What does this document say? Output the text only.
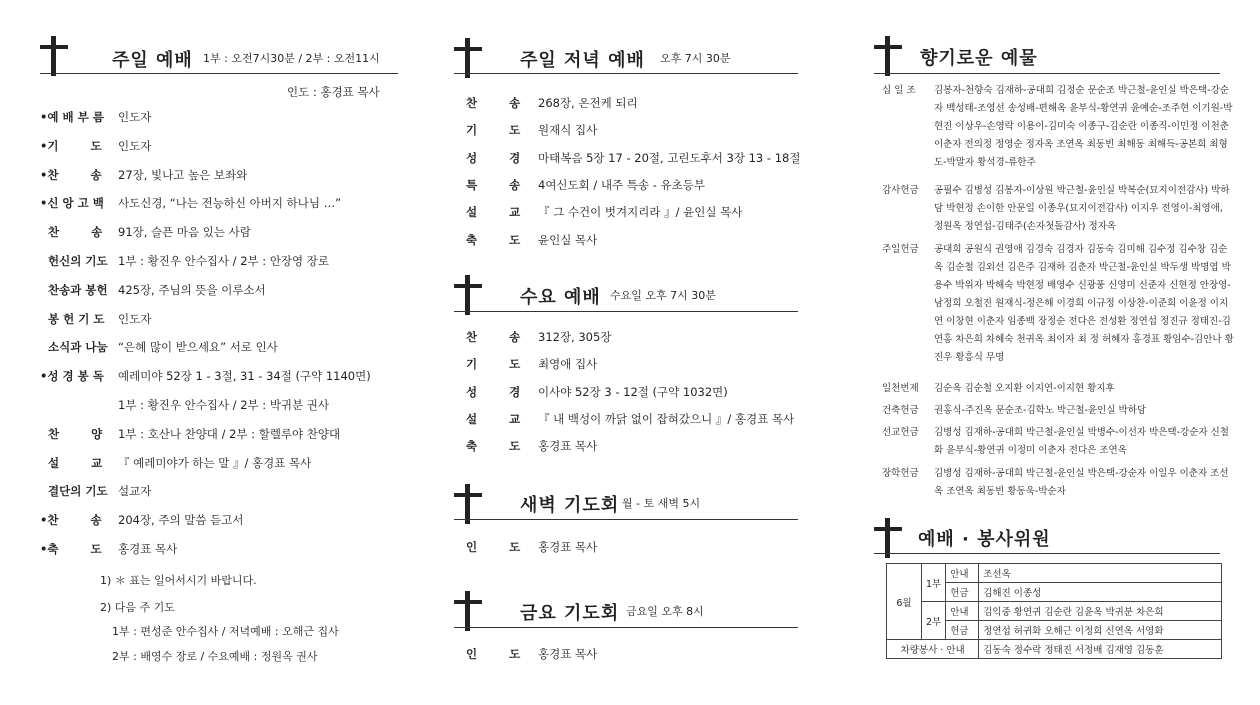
주일 예배 1부 : 오전7시30분 / 2부 : 오전11시
인도 : 홍경표 목사
•예 배 부 름 인도자
•기        도 인도자
•찬        송 27장, 빛나고 높은 보좌와
•신 앙 고 백 사도신경, “나는 전능하신 아버지 하나님 …”
찬        송 91장, 슬픈 마음 있는 사람
헌신의 기도 1부 : 황진우 안수집사 / 2부 : 안장영 장로
찬송과 봉헌 425장, 주님의 뜻을 이루소서
봉 헌 기 도 인도자
소식과 나눔 “은혜 많이 받으세요” 서로 인사
•성 경 봉 독 예레미야 52장 1 - 3절, 31 - 34절 (구약 1140면)
1부 : 황진우 안수집사 / 2부 : 박귀분 권사
찬        양 1부 : 호산나 찬양대 / 2부 : 할렐루야 찬양대
설        교 『 예레미야가 하는 말 』/ 홍경표 목사
결단의 기도 설교자
•찬        송 204장, 주의 말씀 듣고서
•축        도 홍경표 목사
1) ＊ 표는 일어서시기 바랍니다.
2) 다음 주 기도
1부 : 편성준 안수집사 / 저녁예배 : 오해근 집사
2부 : 배영수 장로 / 수요예배 : 정원옥 권사
주일 저녁 예배 오후 7시 30분
찬        송 268장, 온전케 되리
기        도 원재식 집사
성        경 마태복음 5장 17 - 20절, 고린도후서 3장 13 - 18절
특        송 4여신도회 / 내주 특송 - 유초등부
설        교 『 그 수건이 벗겨지리라 』/ 윤인실 목사
축        도 윤인실 목사
수요 예배 수요일 오후 7시 30분
찬        송 312장, 305장
기        도 최영애 집사
성        경 이사야 52장 3 - 12절 (구약 1032면)
설        교 『 내 백성이 까닭 없이 잡혀갔으니 』/ 홍경표 목사
축        도 홍경표 목사
새벽 기도회 월 - 토 새벽 5시
인        도 홍경표 목사
금요 기도회 금요일 오후 8시
인        도 홍경표 목사
향기로운 예물
십 일 조 김봉자-천향숙 김재하-공대희 김정순 문순조 박근철-윤인실 박은택-강순자 백성태-조영선 송성배-편해옥 윤부식-황연귀 윤예순-조주현 이기원-박현진 이상우-손영락 이용이-김미숙 이종구-김순란 이종직-이민정 이천춘 이춘자 전의정 정영순 정자옥 조연옥 최동빈 최해동 최해득-공본희 최형도-박말자 황석경-류한주
감사헌금 공필수 김병성 김봉자-이상원 박근철-윤인실 박복순(묘지이전감사) 박하담 박현정 손이한 안문일 이종우(묘지이전감사) 이지우 전영이-최영애, 정원옥 정연섭-김태주(손자첫돌감사) 정자옥
주일헌금 공대희 공원식 권영애 김경숙 김경자 김동숙 김미해 김수정 김수창 김순옥 김순철 김외선 김은주 김재하 김춘자 박근철-윤인실 박두생 박명엽 박용수 박위자 박해숙 박현정 배영수 신광풍 신영미 신준자 신현정 안장영-남정희 오철진 원재식-정은해 이경희 이규정 이상찬-이준희 이윤정 이지연 이창현 이춘자 임종백 장정순 전다은 전성환 정연섭 정진규 정태진-김연홍 차은희 차혜숙 천귀옥 최이자 최 정 허혜자 홍경표 황임수-김안나 황진우 황흥식 무명
일천번제 김순옥 김순철 오지환 이지연-이지현 황지후
건축헌금 권홍식-주진옥 문순조-김학노 박근철-윤인실 박하담
선교헌금 김병성 김재하-공대희 박근철-윤인실 박병수-이선자 박은택-강순자 신철화 윤부식-황연귀 이정미 이춘자 전다은 조연옥
장학헌금 김병성 김재하-공대희 박근철-윤인실 박은택-강순자 이일우 이춘자 조선옥 조연옥 최동빈 황동욱-박순자
예배 · 봉사위원
6월	1부	안내	조선옥
		헌금	김해진 이종성
	2부	안내	김익중 황연귀 김순란 김윤옥 박귀분 차은희
		헌금	정연섭 허귀화 오해근 이정희 신연옥 서영화
차량봉사 · 안내			김동숙 정수락 정태진 서정배 김재영 김동훈
